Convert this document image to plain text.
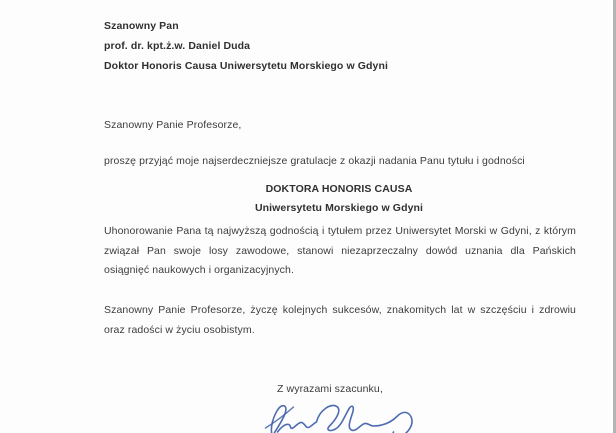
Szanowny Pan
prof. dr. kpt.ż.w. Daniel Duda
Doktor Honoris Causa Uniwersytetu Morskiego w Gdyni
Szanowny Panie Profesorze,
proszę przyjąć moje najserdeczniejsze gratulacje z okazji nadania Panu tytułu i godności
DOKTORA HONORIS CAUSA
Uniwersytetu Morskiego w Gdyni
Uhonorowanie Pana tą najwyższą godnością i tytułem przez Uniwersytet Morski w Gdyni, z którym związał Pan swoje losy zawodowe, stanowi niezaprzeczalny dowód uznania dla Pańskich osiągnięć naukowych i organizacyjnych.
Szanowny Panie Profesorze, życzę kolejnych sukcesów, znakomitych lat w szczęściu i zdrowiu oraz radości w życiu osobistym.
Z wyrazami szacunku,
